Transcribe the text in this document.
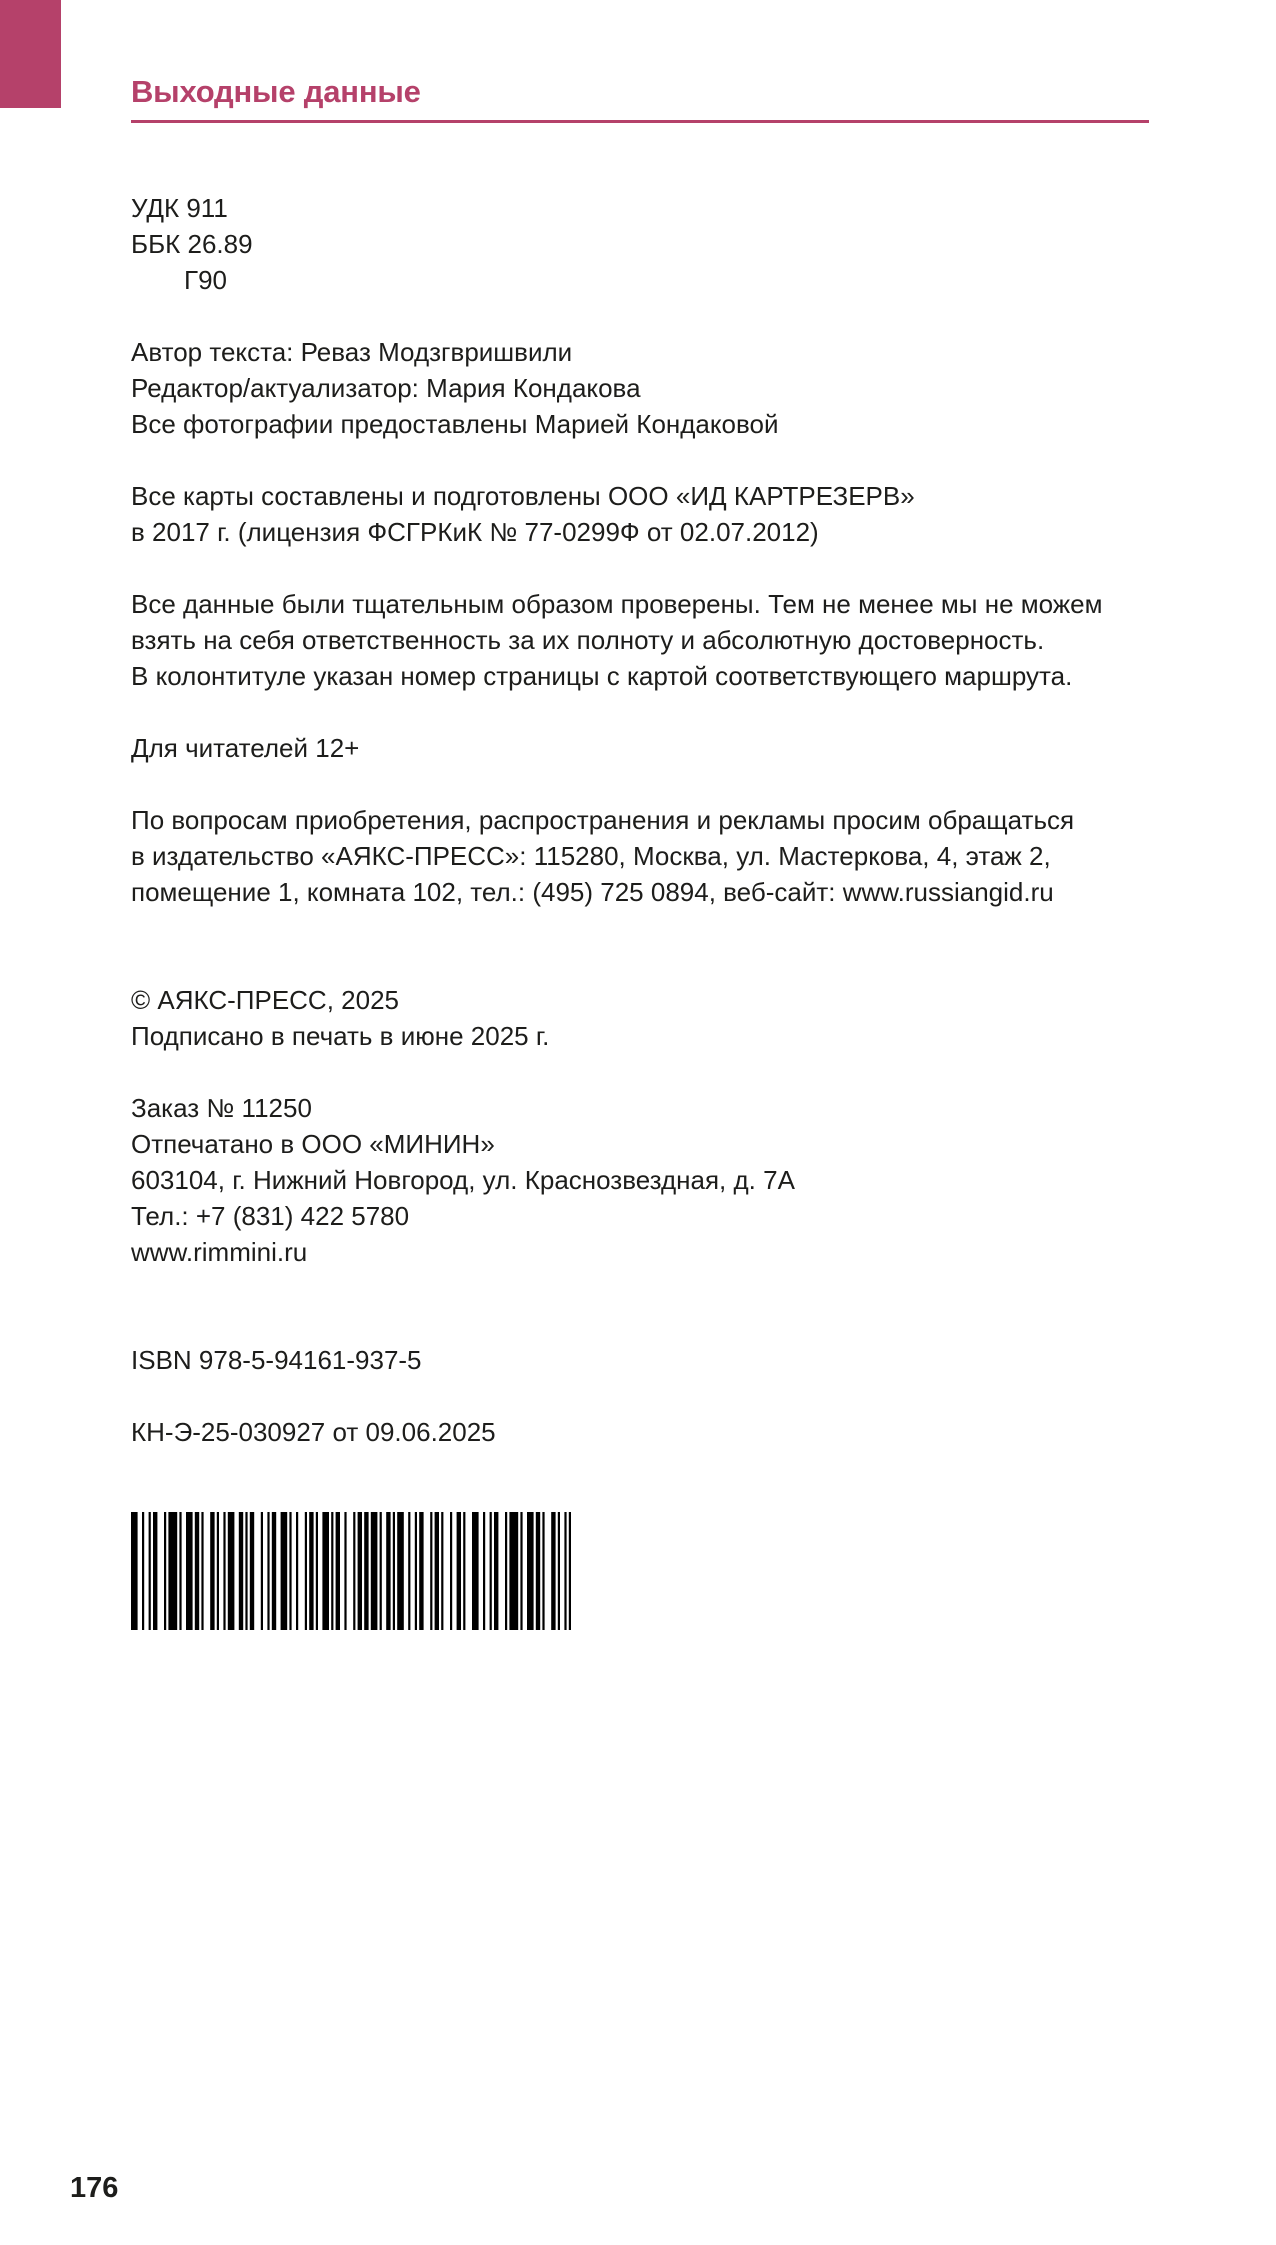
Выходные данные
УДК 911
ББК 26.89
Г90
Автор текста: Реваз Модзгвришвили
Редактор/актуализатор: Мария Кондакова
Все фотографии предоставлены Марией Кондаковой
Все карты составлены и подготовлены ООО «ИД КАРТРЕЗЕРВ»
в 2017 г. (лицензия ФСГРКиК № 77-0299Ф от 02.07.2012)
Все данные были тщательным образом проверены. Тем не менее мы не можем
взять на себя ответственность за их полноту и абсолютную достоверность.
В колонтитуле указан номер страницы с картой соответствующего маршрута.
Для читателей 12+
По вопросам приобретения, распространения и рекламы просим обращаться
в издательство «АЯКС-ПРЕСС»: 115280, Москва, ул. Мастеркова, 4, этаж 2,
помещение 1, комната 102, тел.: (495) 725 0894, веб-сайт: www.russiangid.ru
© АЯКС-ПРЕСС, 2025
Подписано в печать в июне 2025 г.
Заказ № 11250
Отпечатано в ООО «МИНИН»
603104, г. Нижний Новгород, ул. Краснозвездная, д. 7А
Тел.: +7 (831) 422 5780
www.rimmini.ru
ISBN 978-5-94161-937-5
КН-Э-25-030927 от 09.06.2025
176
